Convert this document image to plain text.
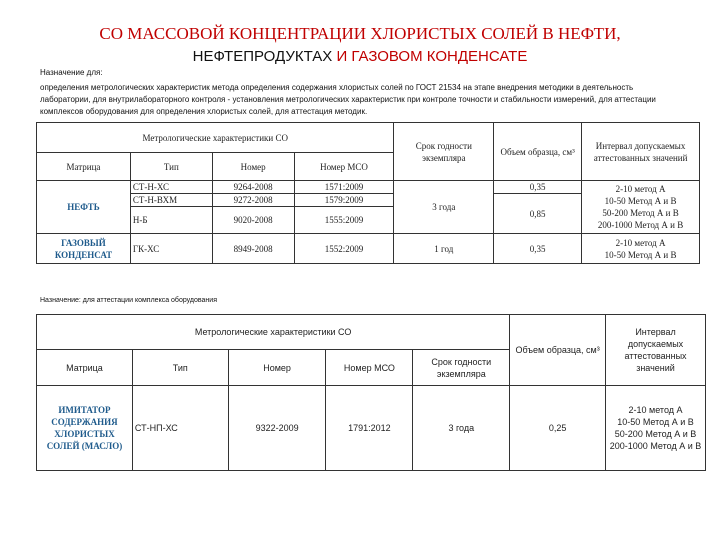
СО МАССОВОЙ КОНЦЕНТРАЦИИ ХЛОРИСТЫХ СОЛЕЙ В НЕФТИ,
НЕФТЕПРОДУКТАХ И ГАЗОВОМ КОНДЕНСАТЕ
Назначение для:
определения метрологических характеристик метода определения содержания хлористых солей по ГОСТ 21534 на этапе внедрения методики в деятельность лаборатории, для внутрилабораторного контроля - установления метрологических характеристик при контроле точности и стабильности измерений, для аттестации комплексов оборудования для определения хлористых солей, для аттестация методик.
Метрологические характеристики СО				Срок годности экземпляра	Объем образца, см³	Интервал допускаемых аттестованных значений
Матрица	Тип	Номер	Номер МСО			
НЕФТЬ	СТ-Н-ХС	9264-2008	1571:2009	3 года	0,35	2-10 метод А
10-50 Метод А и В
50-200 Метод А и В
200-1000 Метод А и В

	СТ-Н-ВХМ	9272-2008	1579:2009		0,85	
	Н-Б	9020-2008	1555:2009			
ГАЗОВЫЙ КОНДЕНСАТ	ГК-ХС	8949-2008	1552:2009	1 год	0,35	2-10 метод А
10-50 Метод А и В
Назначение: для аттестации комплекса оборудования
Метрологические характеристики СО					Объем образца, см³	Интервал допускаемых аттестованных значений
Матрица	Тип	Номер	Номер МСО	Срок годности экземпляра		
ИМИТАТОР СОДЕРЖАНИЯ ХЛОРИСТЫХ СОЛЕЙ (МАСЛО)	СТ-НП-ХС	9322-2009	1791:2012	3 года	0,25	2-10 метод А
10-50 Метод А и В
50-200 Метод А и В
200-1000 Метод А и В
